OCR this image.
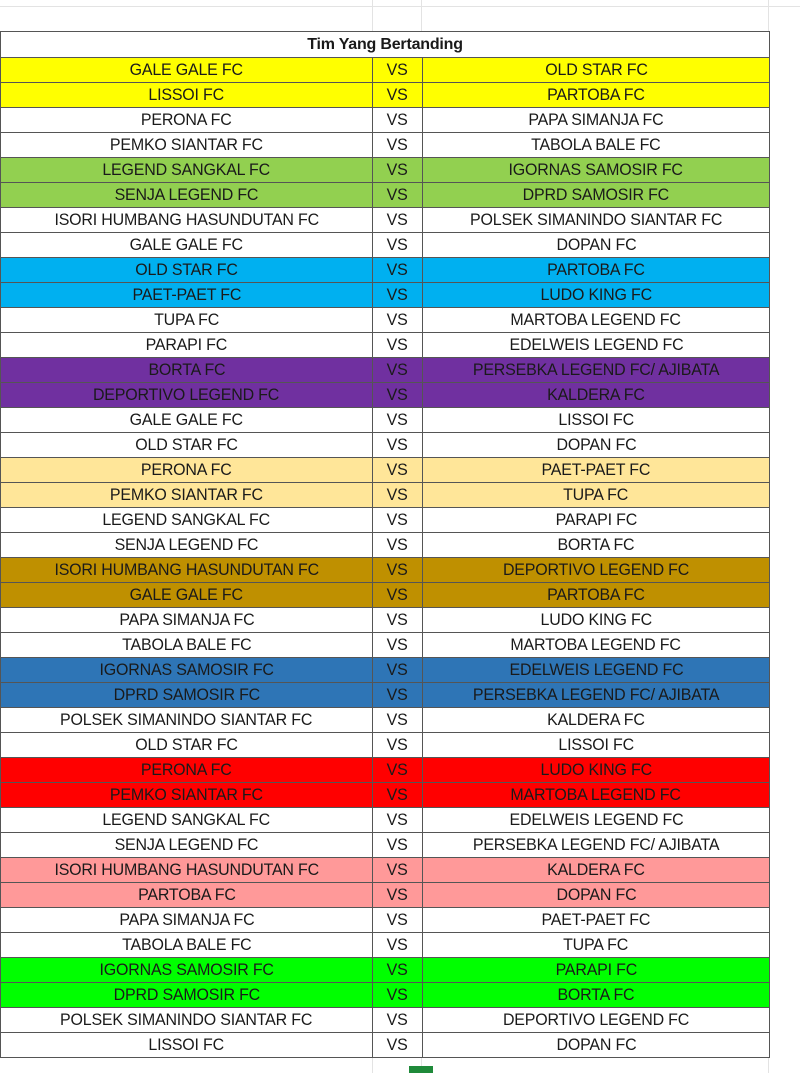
Tim Yang Bertanding		
GALE GALE FC	VS	OLD STAR FC
LISSOI FC	VS	PARTOBA FC
PERONA FC	VS	PAPA SIMANJA FC
PEMKO SIANTAR FC	VS	TABOLA BALE FC
LEGEND SANGKAL FC	VS	IGORNAS SAMOSIR FC
SENJA LEGEND FC	VS	DPRD SAMOSIR FC
ISORI HUMBANG HASUNDUTAN FC	VS	POLSEK SIMANINDO SIANTAR FC
GALE GALE FC	VS	DOPAN FC
OLD STAR FC	VS	PARTOBA FC
PAET-PAET FC	VS	LUDO KING FC
TUPA FC	VS	MARTOBA LEGEND FC
PARAPI FC	VS	EDELWEIS LEGEND FC
BORTA FC	VS	PERSEBKA LEGEND FC/ AJIBATA
DEPORTIVO LEGEND FC	VS	KALDERA FC
GALE GALE FC	VS	LISSOI FC
OLD STAR FC	VS	DOPAN FC
PERONA FC	VS	PAET-PAET FC
PEMKO SIANTAR FC	VS	TUPA FC
LEGEND SANGKAL FC	VS	PARAPI FC
SENJA LEGEND FC	VS	BORTA FC
ISORI HUMBANG HASUNDUTAN FC	VS	DEPORTIVO LEGEND FC
GALE GALE FC	VS	PARTOBA FC
PAPA SIMANJA FC	VS	LUDO KING FC
TABOLA BALE FC	VS	MARTOBA LEGEND FC
IGORNAS SAMOSIR FC	VS	EDELWEIS LEGEND FC
DPRD SAMOSIR FC	VS	PERSEBKA LEGEND FC/ AJIBATA
POLSEK SIMANINDO SIANTAR FC	VS	KALDERA FC
OLD STAR FC	VS	LISSOI FC
PERONA FC	VS	LUDO KING FC
PEMKO SIANTAR FC	VS	MARTOBA LEGEND FC
LEGEND SANGKAL FC	VS	EDELWEIS LEGEND FC
SENJA LEGEND FC	VS	PERSEBKA LEGEND FC/ AJIBATA
ISORI HUMBANG HASUNDUTAN FC	VS	KALDERA FC
PARTOBA FC	VS	DOPAN FC
PAPA SIMANJA FC	VS	PAET-PAET FC
TABOLA BALE FC	VS	TUPA FC
IGORNAS SAMOSIR FC	VS	PARAPI FC
DPRD SAMOSIR FC	VS	BORTA FC
POLSEK SIMANINDO SIANTAR FC	VS	DEPORTIVO LEGEND FC
LISSOI FC	VS	DOPAN FC
